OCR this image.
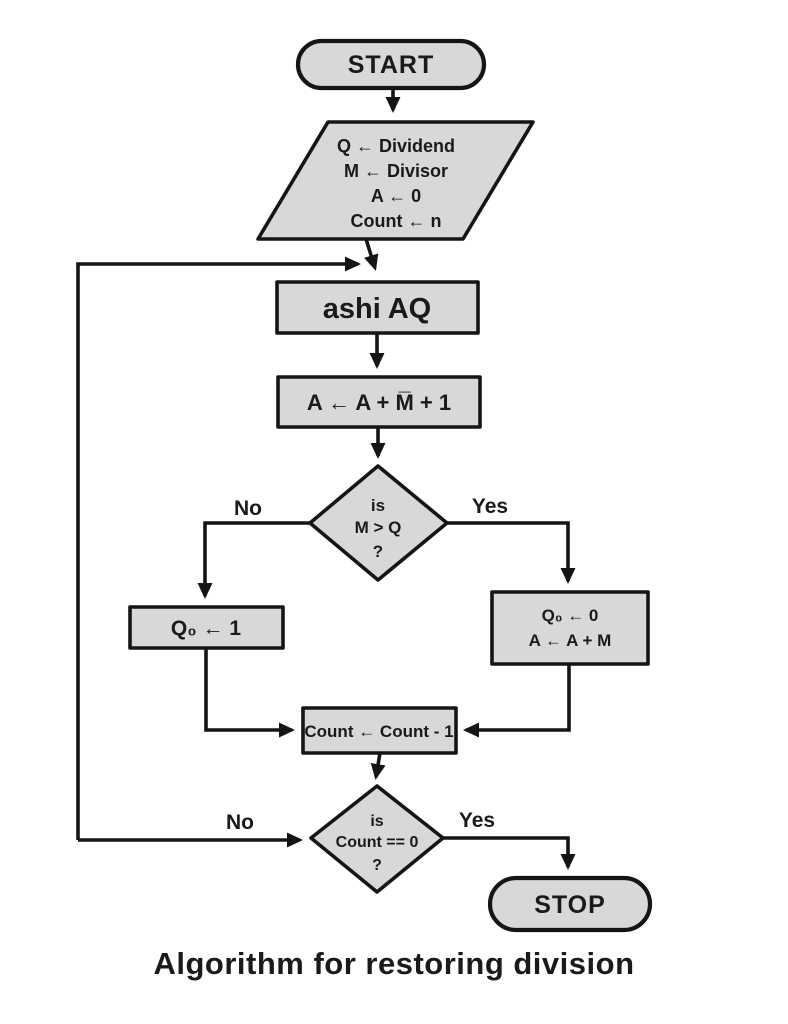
START
Q ← Dividend
M ← Divisor
A ← 0
Count ← n
ashi AQ
A ← A + M̅ + 1
is
M > Q
?
No	Yes
Q₀ ← 1
Q₀ ← 0
A ← A + M
Count ← Count - 1
is
Count == 0
?
No	Yes
STOP
Algorithm for restoring division
